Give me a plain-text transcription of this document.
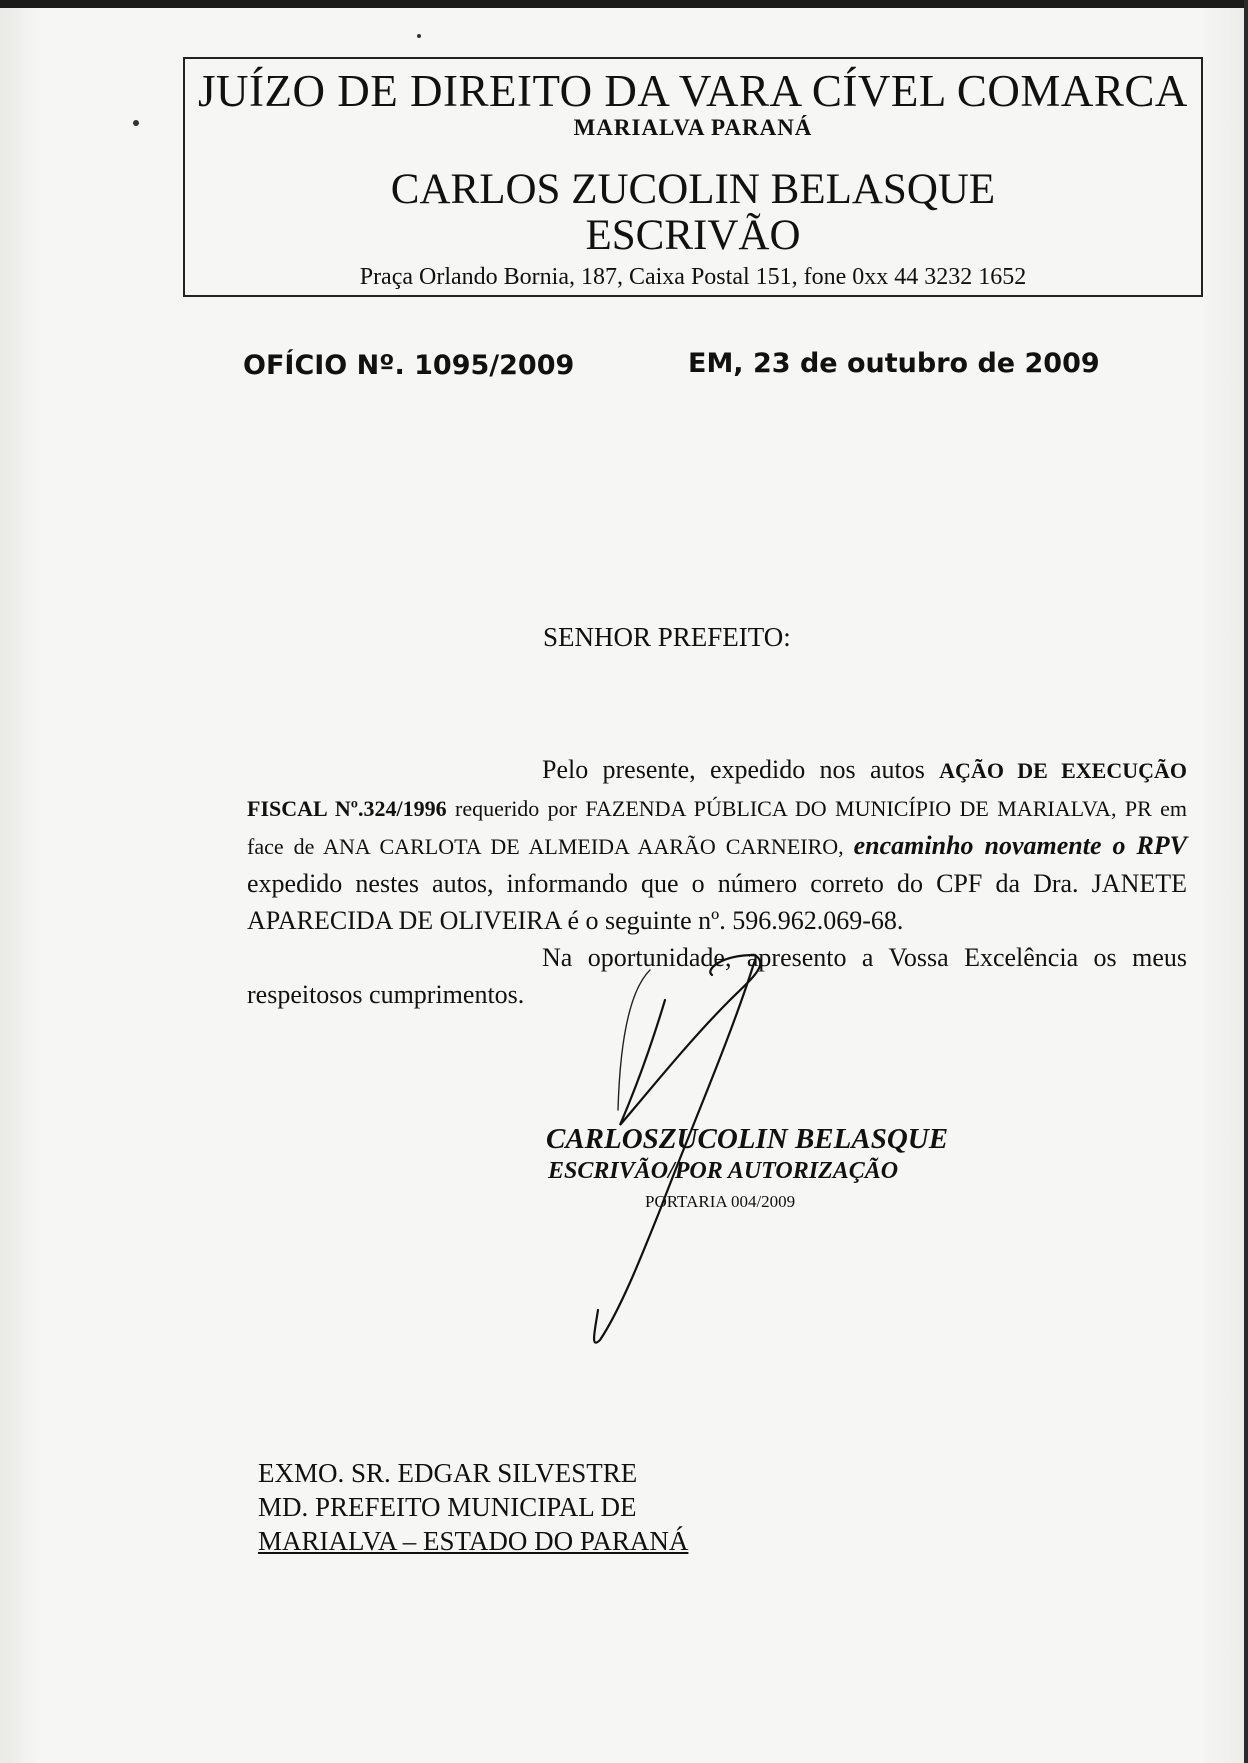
JUÍZO DE DIREITO DA VARA CÍVEL COMARCA
MARIALVA PARANÁ
CARLOS ZUCOLIN BELASQUE
ESCRIVÃO
Praça Orlando Bornia, 187, Caixa Postal 151, fone 0xx 44 3232 1652
OFÍCIO Nº. 1095/2009	EM, 23 de outubro de 2009
SENHOR PREFEITO:

Pelo presente, expedido nos autos AÇÃO DE EXECUÇÃO FISCAL Nº.324/1996 requerido por FAZENDA PÚBLICA DO MUNICÍPIO DE MARIALVA, PR em face de ANA CARLOTA DE ALMEIDA AARÃO CARNEIRO, encaminho novamente o RPV expedido nestes autos, informando que o número correto do CPF da Dra. JANETE APARECIDA DE OLIVEIRA é o seguinte nº. 596.962.069-68.

Na oportunidade, apresento a Vossa Excelência os meus respeitosos cumprimentos.

CARLOSZUCOLIN BELASQUE
ESCRIVÃO/POR AUTORIZAÇÃO
PORTARIA 004/2009
EXMO. SR. EDGAR SILVESTRE
MD. PREFEITO MUNICIPAL DE
MARIALVA – ESTADO DO PARANÁ
